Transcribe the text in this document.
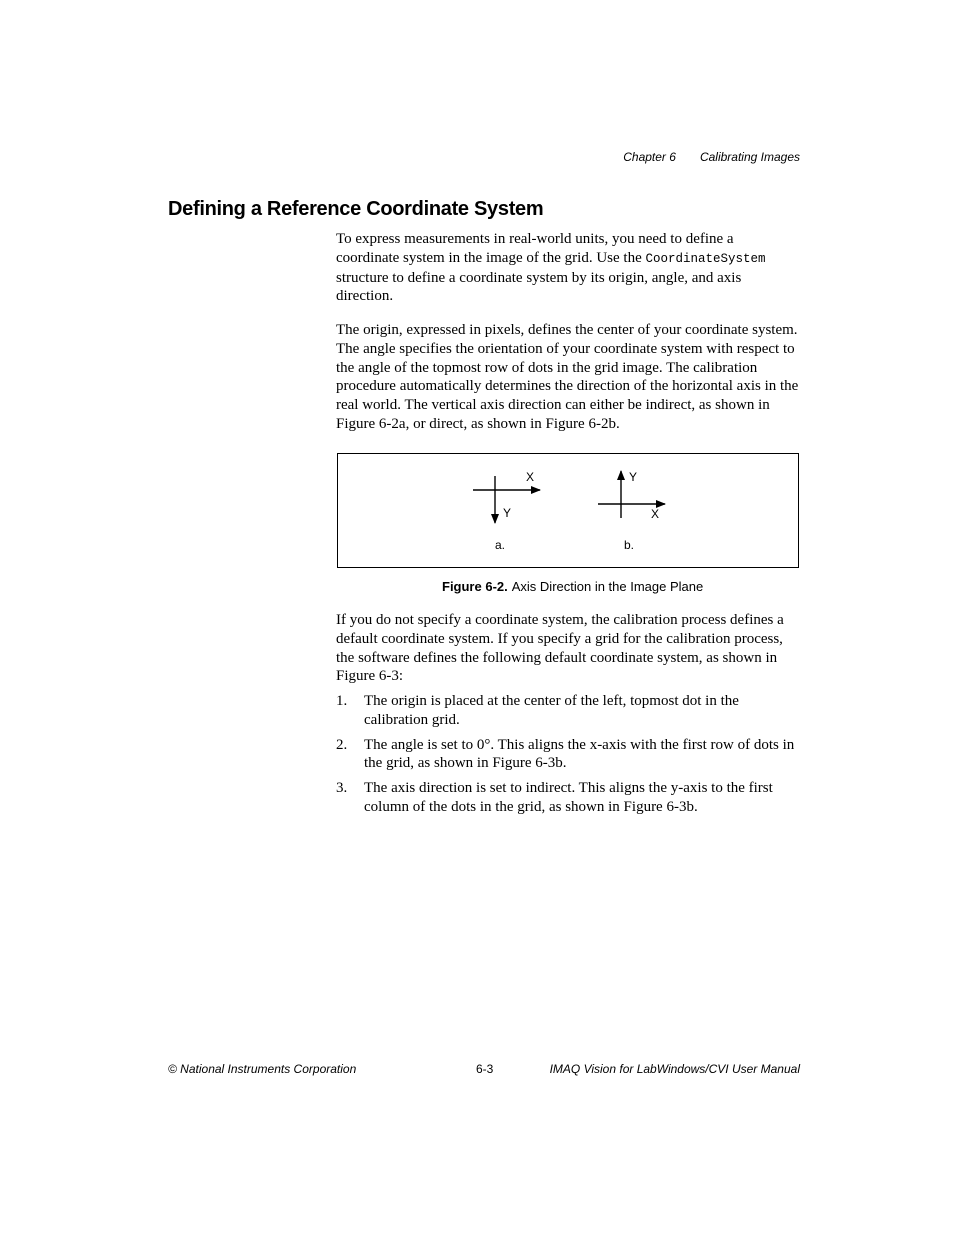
Chapter 6 Calibrating Images
Defining a Reference Coordinate System

To express measurements in real-world units, you need to define a coordinate system in the image of the grid. Use the CoordinateSystem structure to define a coordinate system by its origin, angle, and axis direction.

The origin, expressed in pixels, defines the center of your coordinate system. The angle specifies the orientation of your coordinate system with respect to the angle of the topmost row of dots in the grid image. The calibration procedure automatically determines the direction of the horizontal axis in the real world. The vertical axis direction can either be indirect, as shown in Figure 6-2a, or direct, as shown in Figure 6-2b.

X
Y
a.
Y
X
b.
Figure 6-2. Axis Direction in the Image Plane

If you do not specify a coordinate system, the calibration process defines a default coordinate system. If you specify a grid for the calibration process, the software defines the following default coordinate system, as shown in Figure 6-3:

1. The origin is placed at the center of the left, topmost dot in the calibration grid.
2. The angle is set to 0°. This aligns the x-axis with the first row of dots in the grid, as shown in Figure 6-3b.
3. The axis direction is set to indirect. This aligns the y-axis to the first column of the dots in the grid, as shown in Figure 6-3b.
© National Instruments Corporation	6-3	IMAQ Vision for LabWindows/CVI User Manual
